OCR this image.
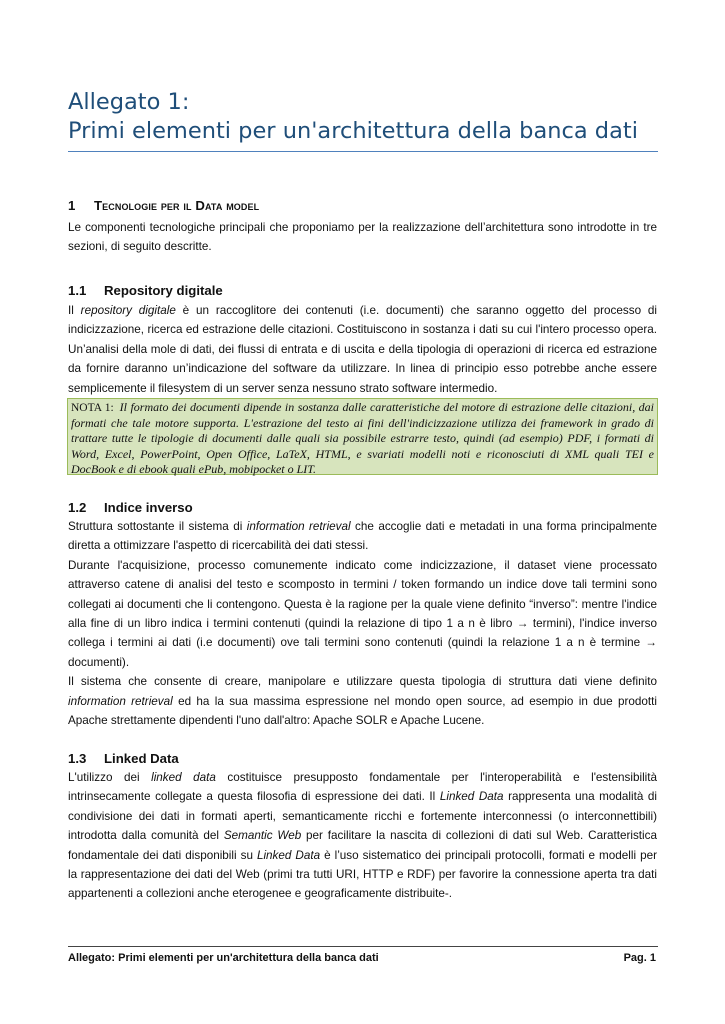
Allegato 1:
Primi elementi per un'architettura della banca dati
1 Tecnologie per il Data model

Le componenti tecnologiche principali che proponiamo per la realizzazione dell’architettura sono introdotte in tre sezioni, di seguito descritte.

1.1 Repository digitale

Il repository digitale è un raccoglitore dei contenuti (i.e. documenti) che saranno oggetto del processo di indicizzazione, ricerca ed estrazione delle citazioni. Costituiscono in sostanza i dati su cui l'intero processo opera. Un’analisi della mole di dati, dei flussi di entrata e di uscita e della tipologia di operazioni di ricerca ed estrazione da fornire daranno un’indicazione del software da utilizzare. In linea di principio esso potrebbe anche essere semplicemente il filesystem di un server senza nessuno strato software intermedio.

NOTA 1: Il formato dei documenti dipende in sostanza dalle caratteristiche del motore di estrazione delle citazioni, dai formati che tale motore supporta. L'estrazione del testo ai fini dell'indicizzazione utilizza dei framework in grado di trattare tutte le tipologie di documenti dalle quali sia possibile estrarre testo, quindi (ad esempio) PDF, i formati di Word, Excel, PowerPoint, Open Office, LaTeX, HTML, e svariati modelli noti e riconosciuti di XML quali TEI e DocBook e di ebook quali ePub, mobipocket o LIT.
1.2 Indice inverso

Struttura sottostante il sistema di information retrieval che accoglie dati e metadati in una forma principalmente diretta a ottimizzare l'aspetto di ricercabilità dei dati stessi.

Durante l'acquisizione, processo comunemente indicato come indicizzazione, il dataset viene processato attraverso catene di analisi del testo e scomposto in termini / token formando un indice dove tali termini sono collegati ai documenti che li contengono. Questa è la ragione per la quale viene definito “inverso”: mentre l'indice alla fine di un libro indica i termini contenuti (quindi la relazione di tipo 1 a n è libro → termini), l'indice inverso collega i termini ai dati (i.e documenti) ove tali termini sono contenuti (quindi la relazione 1 a n è termine → documenti).

Il sistema che consente di creare, manipolare e utilizzare questa tipologia di struttura dati viene definito information retrieval ed ha la sua massima espressione nel mondo open source, ad esempio in due prodotti Apache strettamente dipendenti l'uno dall'altro: Apache SOLR e Apache Lucene.

1.3 Linked Data

L'utilizzo dei linked data costituisce presupposto fondamentale per l'interoperabilità e l'estensibilità intrinsecamente collegate a questa filosofia di espressione dei dati. Il Linked Data rappresenta una modalità di condivisione dei dati in formati aperti, semanticamente ricchi e fortemente interconnessi (o interconnettibili) introdotta dalla comunità del Semantic Web per facilitare la nascita di collezioni di dati sul Web. Caratteristica fondamentale dei dati disponibili su Linked Data è l’uso sistematico dei principali protocolli, formati e modelli per la rappresentazione dei dati del Web (primi tra tutti URI, HTTP e RDF) per favorire la connessione aperta tra dati appartenenti a collezioni anche eterogenee e geograficamente distribuite-.

Allegato: Primi elementi per un'architettura della banca dati	Pag. 1
